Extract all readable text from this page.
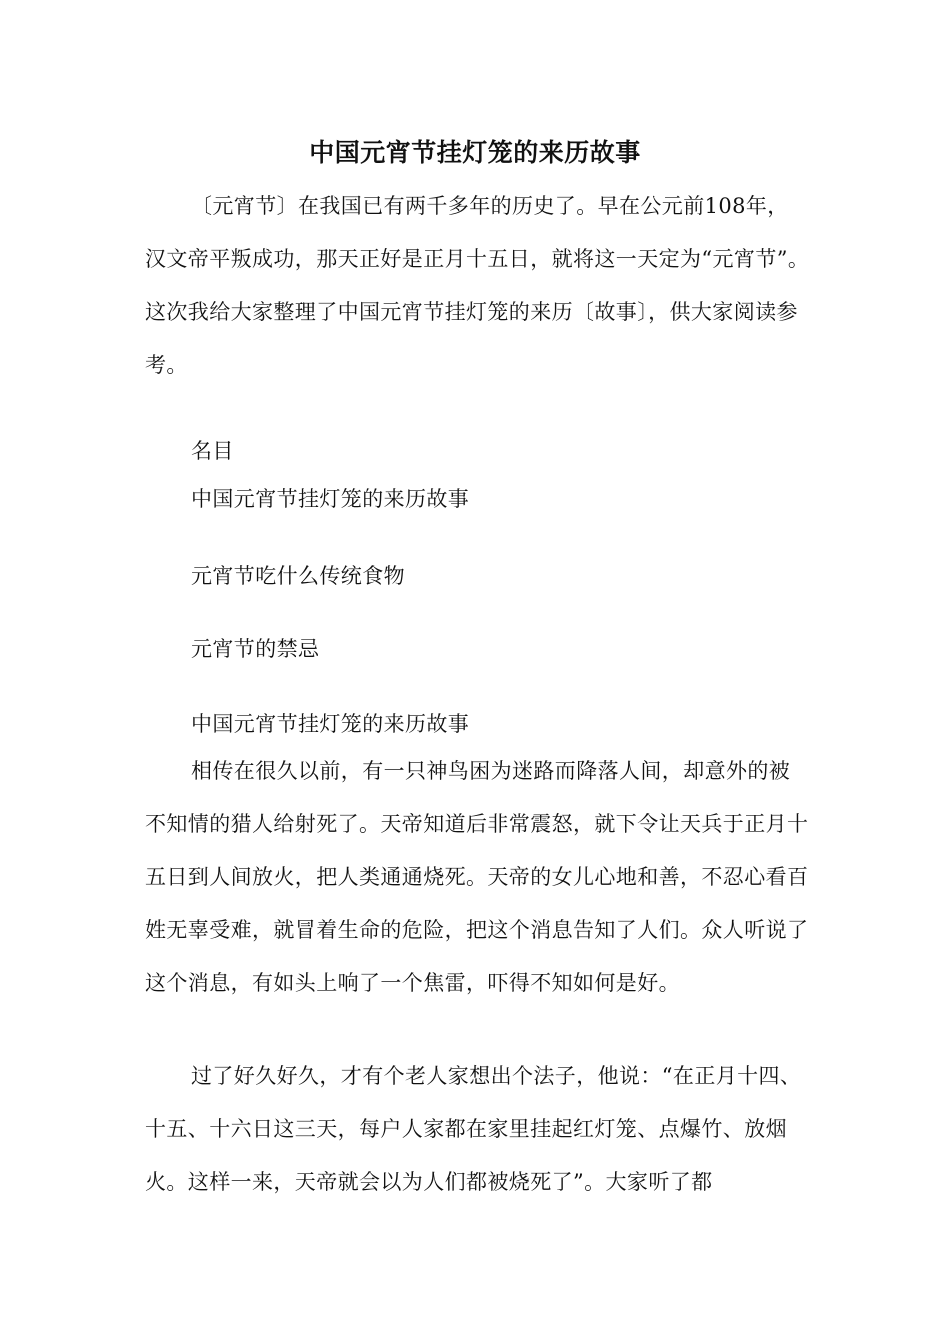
中国元宵节挂灯笼的来历故事
〔元宵节〕在我国已有两千多年的历史了。早在公元前108年，汉文帝平叛成功，那天正好是正月十五日，就将这一天定为“元宵节”。这次我给大家整理了中国元宵节挂灯笼的来历〔故事〕，供大家阅读参考。
名目
中国元宵节挂灯笼的来历故事
元宵节吃什么传统食物
元宵节的禁忌
中国元宵节挂灯笼的来历故事
相传在很久以前，有一只神鸟困为迷路而降落人间，却意外的被不知情的猎人给射死了。天帝知道后非常震怒，就下令让天兵于正月十五日到人间放火，把人类通通烧死。天帝的女儿心地和善，不忍心看百姓无辜受难，就冒着生命的危险，把这个消息告知了人们。众人听说了这个消息，有如头上响了一个焦雷，吓得不知如何是好。
过了好久好久，才有个老人家想出个法子，他说：“在正月十四、十五、十六日这三天，每户人家都在家里挂起红灯笼、点爆竹、放烟火。这样一来，天帝就会以为人们都被烧死了”。大家听了都
